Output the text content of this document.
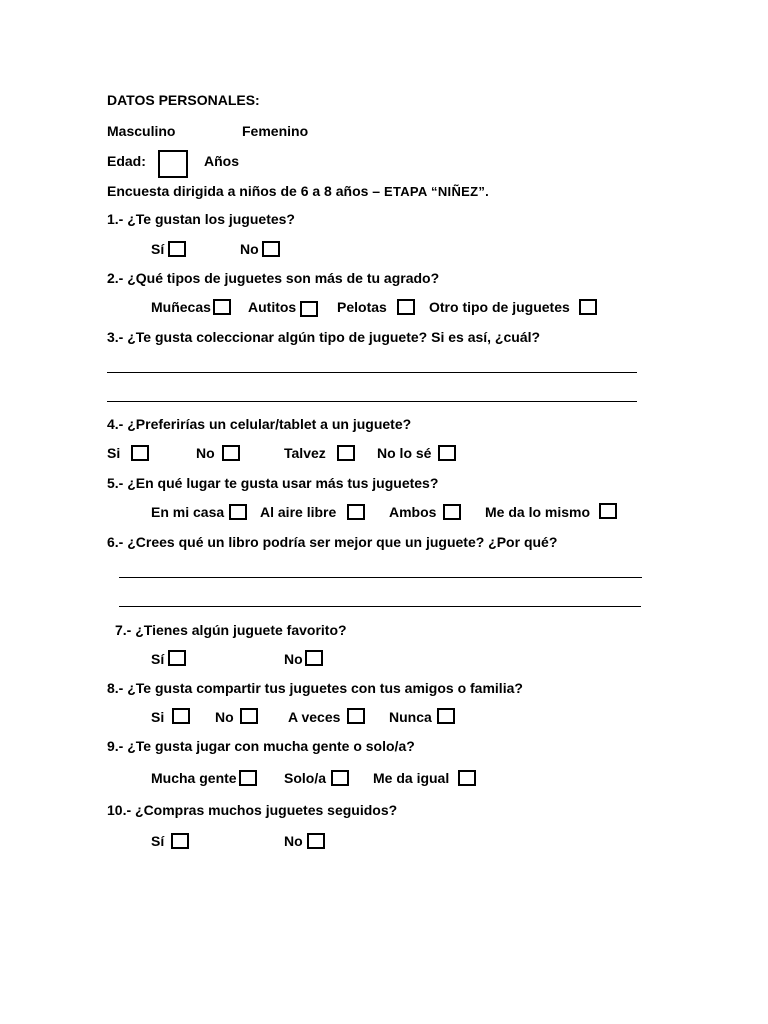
DATOS PERSONALES:
Masculino	Femenino
Edad:	Años
Encuesta dirigida a niños de 6 a 8 años – ETAPA “NIÑEZ”.
1.- ¿Te gustan los juguetes?
Sí	No
2.- ¿Qué tipos de juguetes son más de tu agrado?
Muñecas	Autitos	Pelotas	Otro tipo de juguetes
3.- ¿Te gusta coleccionar algún tipo de juguete? Si es así, ¿cuál?
4.- ¿Preferirías un celular/tablet a un juguete?
Si	No	Talvez	No lo sé
5.- ¿En qué lugar te gusta usar más tus juguetes?
En mi casa	Al aire libre	Ambos	Me da lo mismo
6.- ¿Crees qué un libro podría ser mejor que un juguete? ¿Por qué?
7.- ¿Tienes algún juguete favorito?
Sí	No
8.- ¿Te gusta compartir tus juguetes con tus amigos o familia?
Si	No	A veces	Nunca
9.- ¿Te gusta jugar con mucha gente o solo/a?
Mucha gente	Solo/a	Me da igual
10.- ¿Compras muchos juguetes seguidos?
Sí	No
